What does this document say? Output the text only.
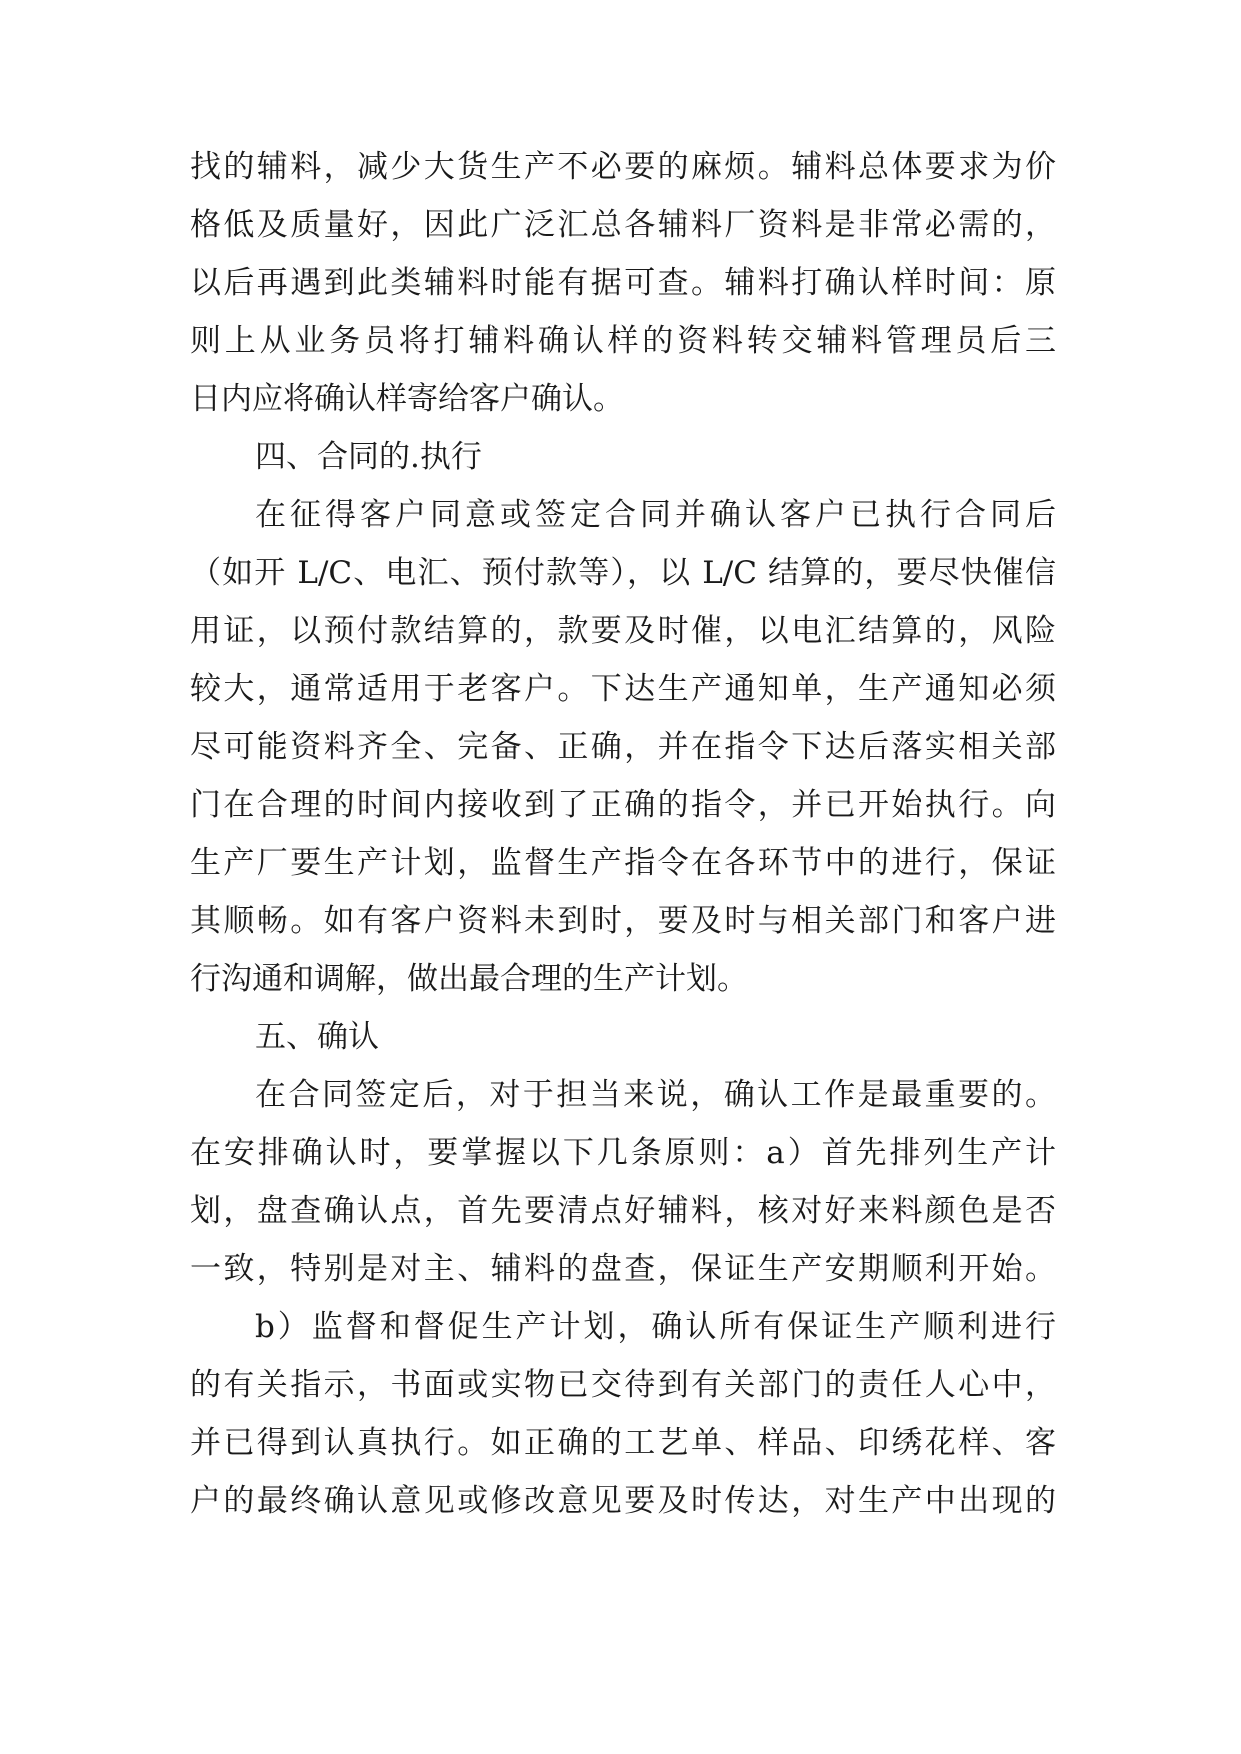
找的辅料，减少大货生产不必要的麻烦。辅料总体要求为价
格低及质量好，因此广泛汇总各辅料厂资料是非常必需的，
以后再遇到此类辅料时能有据可查。辅料打确认样时间：原
则上从业务员将打辅料确认样的资料转交辅料管理员后三
日内应将确认样寄给客户确认。
四、合同的.执行
在征得客户同意或签定合同并确认客户已执行合同后
（如开 L/C、电汇、预付款等），以 L/C 结算的，要尽快催信
用证，以预付款结算的，款要及时催，以电汇结算的，风险
较大，通常适用于老客户。下达生产通知单，生产通知必须
尽可能资料齐全、完备、正确，并在指令下达后落实相关部
门在合理的时间内接收到了正确的指令，并已开始执行。向
生产厂要生产计划，监督生产指令在各环节中的进行，保证
其顺畅。如有客户资料未到时，要及时与相关部门和客户进
行沟通和调解，做出最合理的生产计划。
五、确认
在合同签定后，对于担当来说，确认工作是最重要的。
在安排确认时，要掌握以下几条原则：a）首先排列生产计
划，盘查确认点，首先要清点好辅料，核对好来料颜色是否
一致，特别是对主、辅料的盘查，保证生产安期顺利开始。
b）监督和督促生产计划，确认所有保证生产顺利进行
的有关指示，书面或实物已交待到有关部门的责任人心中，
并已得到认真执行。如正确的工艺单、样品、印绣花样、客
户的最终确认意见或修改意见要及时传达，对生产中出现的
